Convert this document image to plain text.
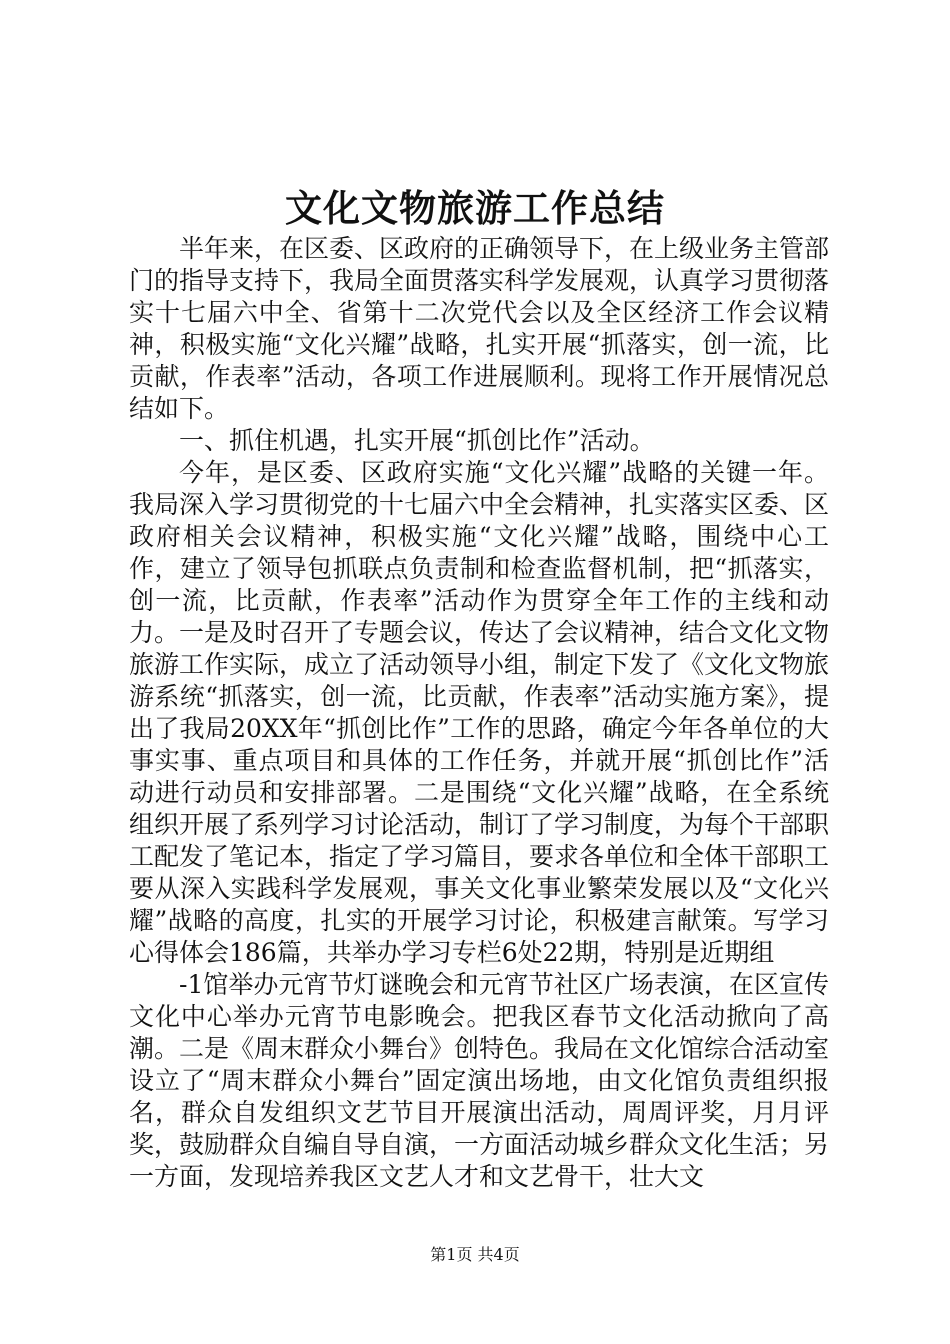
文化文物旅游工作总结

半年来，在区委、区政府的正确领导下，在上级业务主管部门的指导支持下，我局全面贯落实科学发展观，认真学习贯彻落实十七届六中全、省第十二次党代会以及全区经济工作会议精神，积极实施“文化兴耀”战略，扎实开展“抓落实，创一流，比贡献，作表率”活动，各项工作进展顺利。现将工作开展情况总结如下。

一、抓住机遇，扎实开展“抓创比作”活动。

今年，是区委、区政府实施“文化兴耀”战略的关键一年。我局深入学习贯彻党的十七届六中全会精神，扎实落实区委、区政府相关会议精神，积极实施“文化兴耀”战略，围绕中心工作，建立了领导包抓联点负责制和检查监督机制，把“抓落实，创一流，比贡献，作表率”活动作为贯穿全年工作的主线和动力。一是及时召开了专题会议，传达了会议精神，结合文化文物旅游工作实际，成立了活动领导小组，制定下发了《文化文物旅游系统“抓落实，创一流，比贡献，作表率”活动实施方案》，提出了我局20XX年“抓创比作”工作的思路，确定今年各单位的大事实事、重点项目和具体的工作任务，并就开展“抓创比作”活动进行动员和安排部署。二是围绕“文化兴耀”战略，在全系统组织开展了系列学习讨论活动，制订了学习制度，为每个干部职工配发了笔记本，指定了学习篇目，要求各单位和全体干部职工要从深入实践科学发展观，事关文化事业繁荣发展以及“文化兴耀”战略的高度，扎实的开展学习讨论，积极建言献策。写学习心得体会186篇，共举办学习专栏6处22期，特别是近期组

-1馆举办元宵节灯谜晚会和元宵节社区广场表演，在区宣传文化中心举办元宵节电影晚会。把我区春节文化活动掀向了高潮。二是《周末群众小舞台》创特色。我局在文化馆综合活动室设立了“周末群众小舞台”固定演出场地，由文化馆负责组织报名，群众自发组织文艺节目开展演出活动，周周评奖，月月评奖，鼓励群众自编自导自演，一方面活动城乡群众文化生活；另一方面，发现培养我区文艺人才和文艺骨干，壮大文

第1页 共4页
